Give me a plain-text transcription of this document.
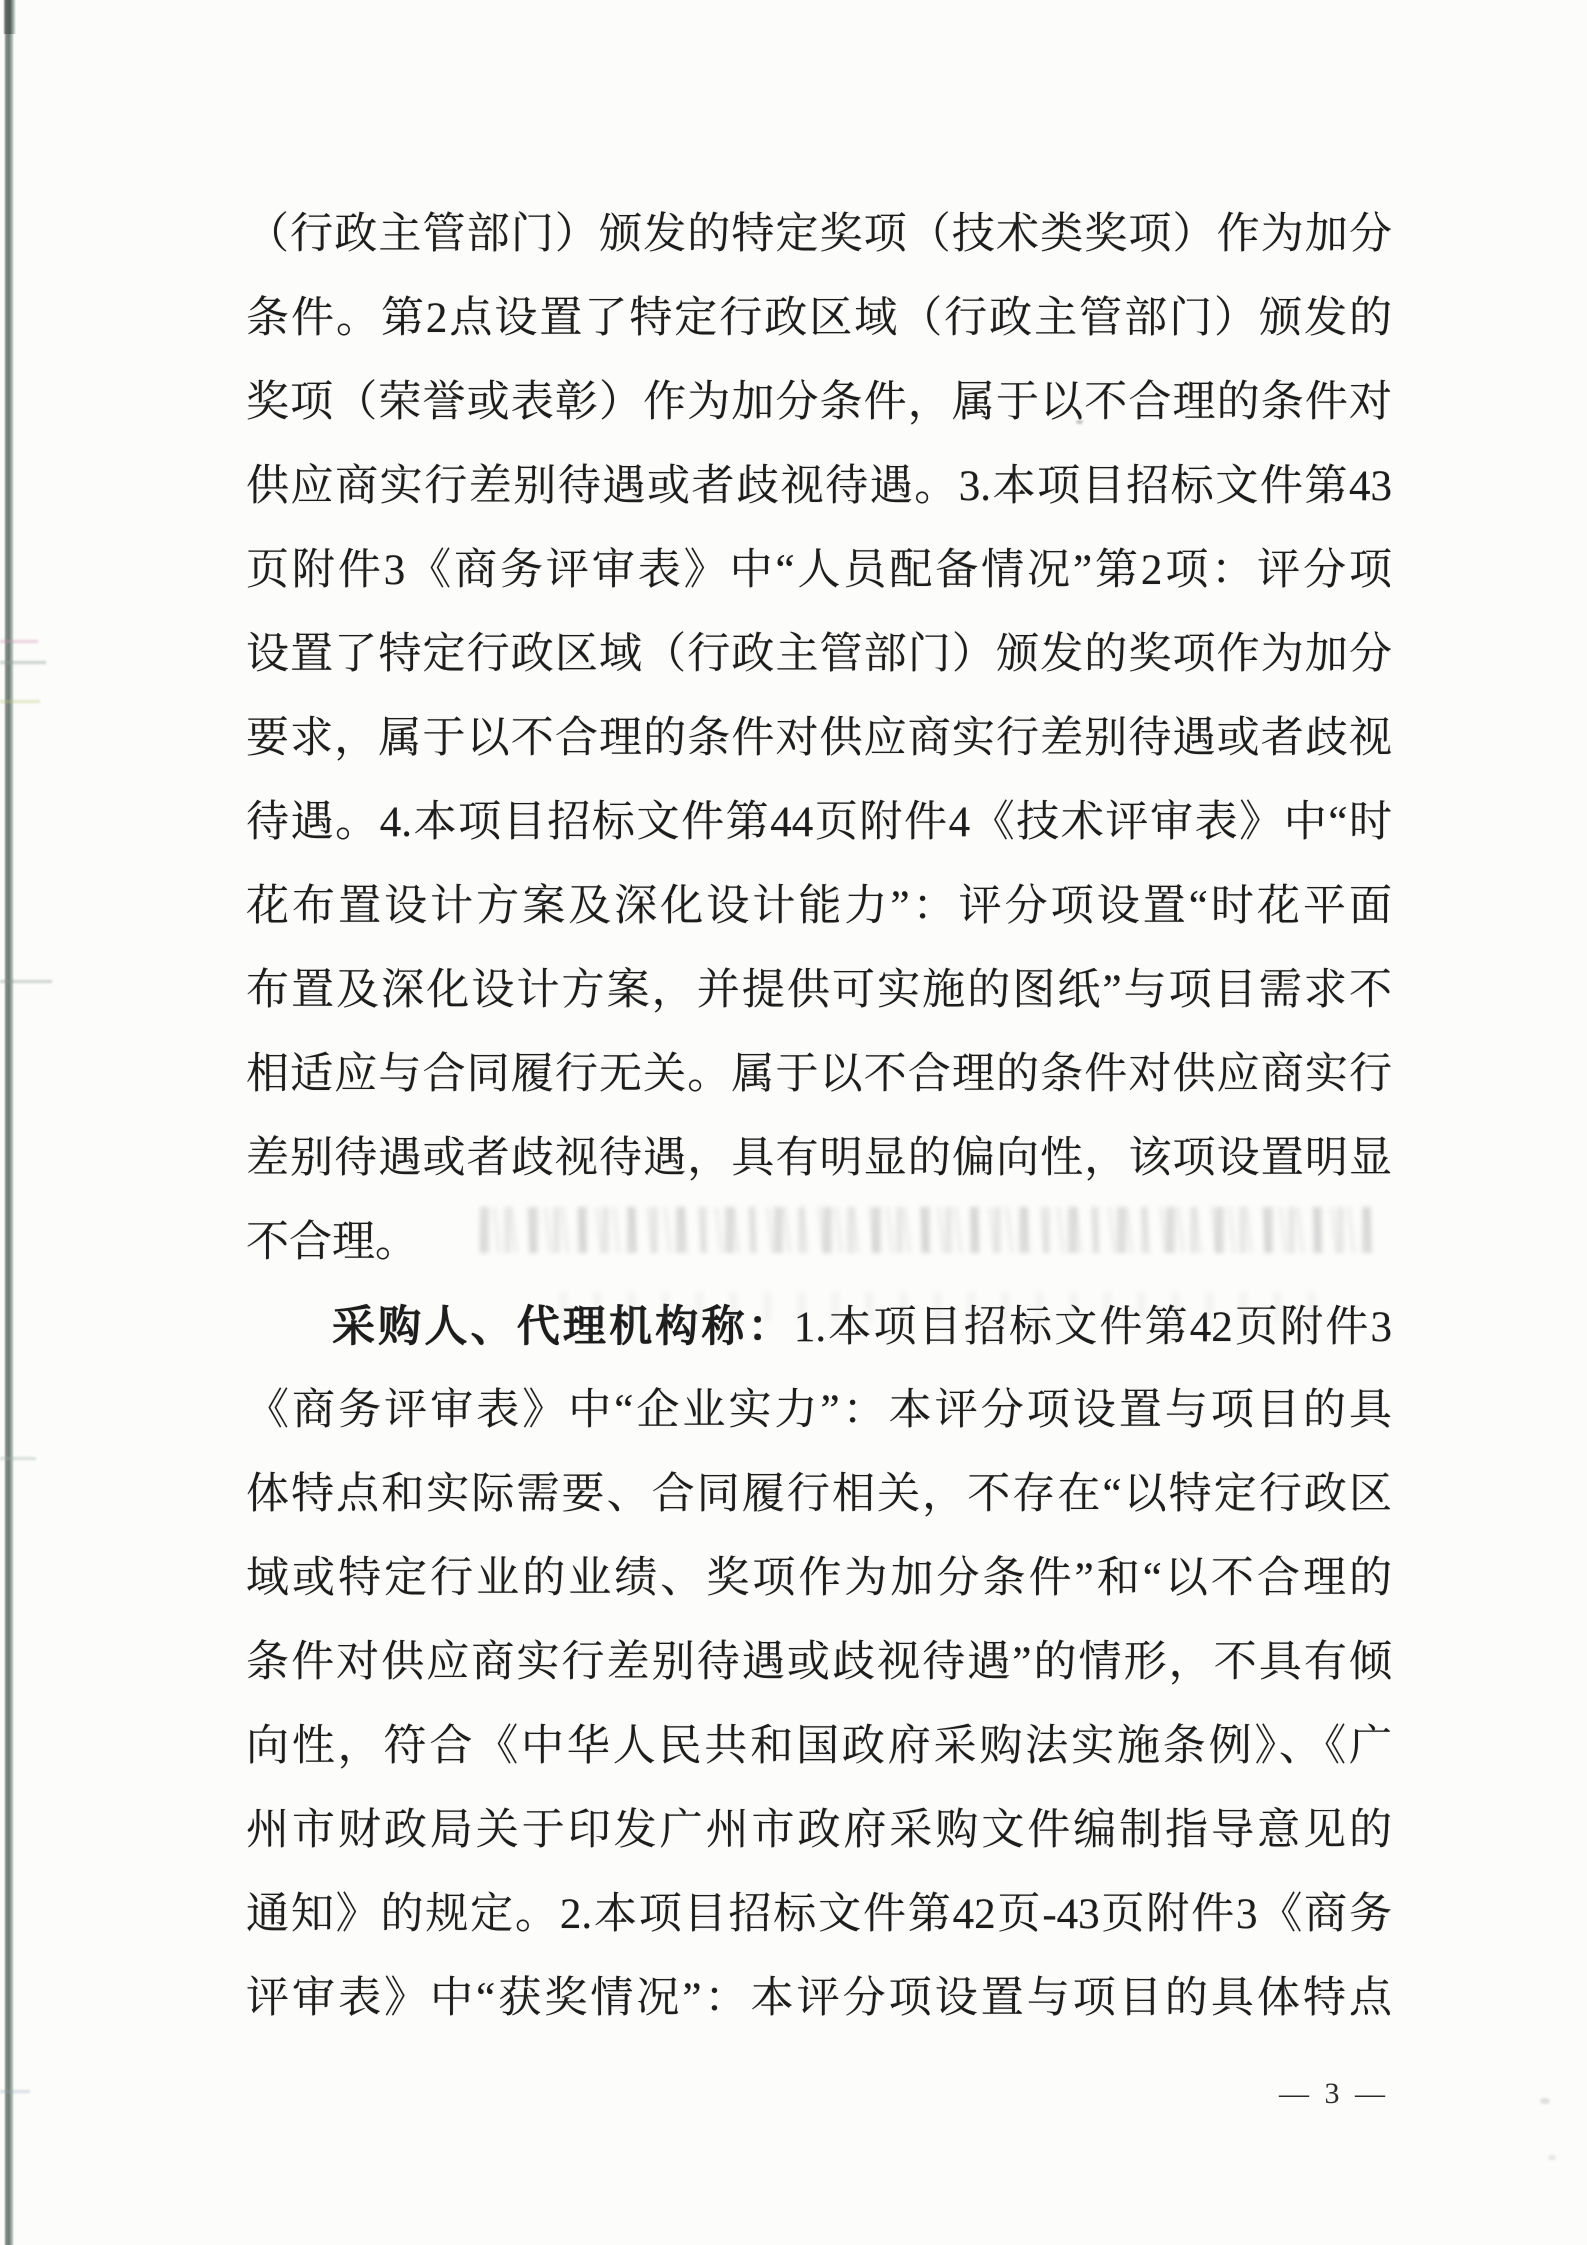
（行政主管部门）颁发的特定奖项（技术类奖项）作为加分
条件。第2点设置了特定行政区域（行政主管部门）颁发的
奖项（荣誉或表彰）作为加分条件，属于以不合理的条件对
供应商实行差别待遇或者歧视待遇。3.本项目招标文件第43
页附件3《商务评审表》中“人员配备情况”第2项：评分项
设置了特定行政区域（行政主管部门）颁发的奖项作为加分
要求，属于以不合理的条件对供应商实行差别待遇或者歧视
待遇。4.本项目招标文件第44页附件4《技术评审表》中“时
花布置设计方案及深化设计能力”：评分项设置“时花平面
布置及深化设计方案，并提供可实施的图纸”与项目需求不
相适应与合同履行无关。属于以不合理的条件对供应商实行
差别待遇或者歧视待遇，具有明显的偏向性，该项设置明显
不合理。
采购人、代理机构称：1.本项目招标文件第42页附件3
《商务评审表》中“企业实力”：本评分项设置与项目的具
体特点和实际需要、合同履行相关，不存在“以特定行政区
域或特定行业的业绩、奖项作为加分条件”和“以不合理的
条件对供应商实行差别待遇或歧视待遇”的情形，不具有倾
向性，符合《中华人民共和国政府采购法实施条例》、《广
州市财政局关于印发广州市政府采购文件编制指导意见的
通知》的规定。2.本项目招标文件第42页-43页附件3《商务
评审表》中“获奖情况”：本评分项设置与项目的具体特点
— 3 —
